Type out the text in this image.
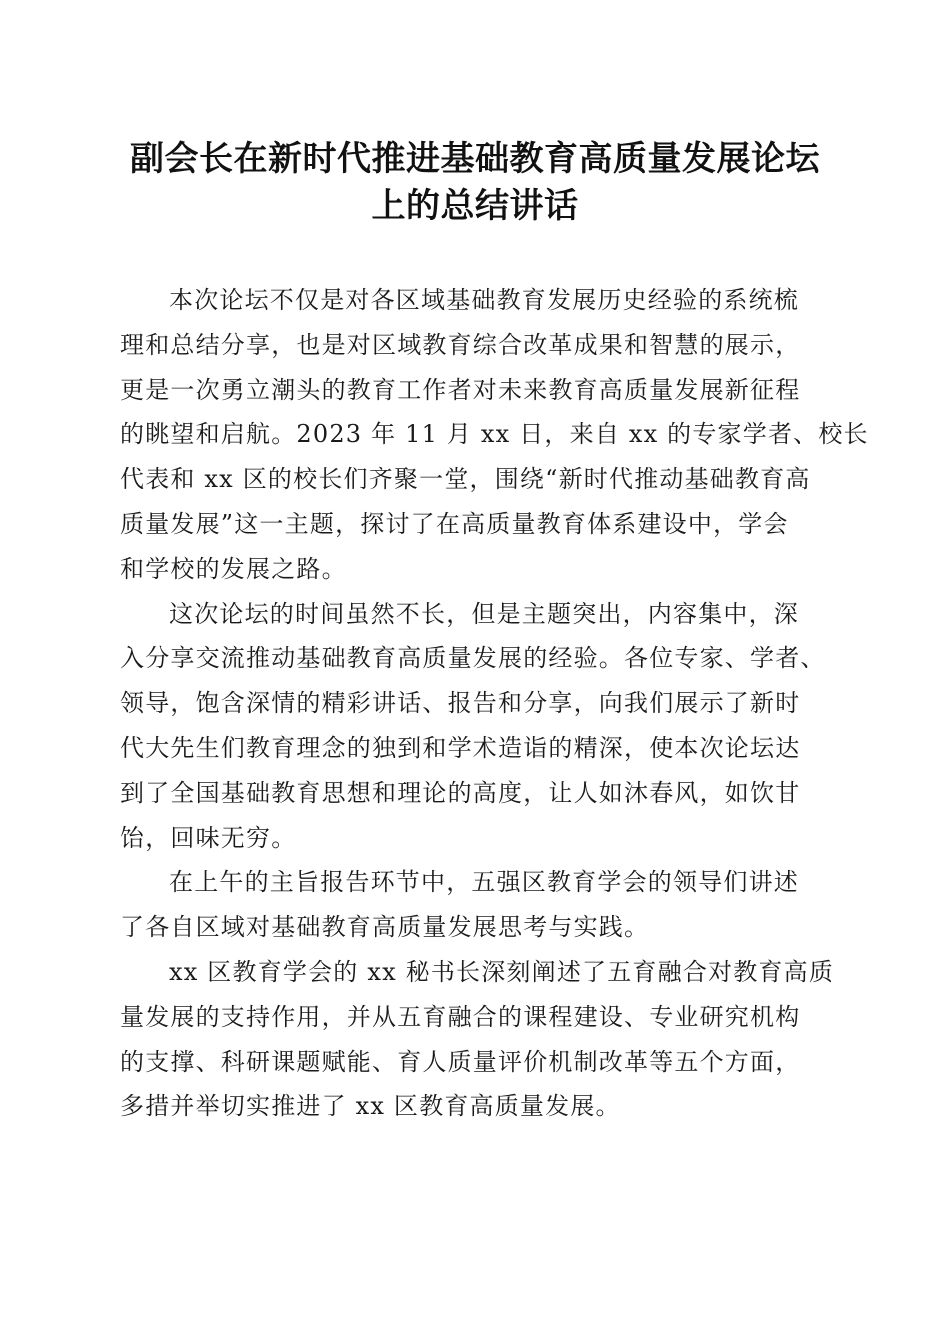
副会长在新时代推进基础教育高质量发展论坛
上的总结讲话
本次论坛不仅是对各区域基础教育发展历史经验的系统梳
理和总结分享，也是对区域教育综合改革成果和智慧的展示，
更是一次勇立潮头的教育工作者对未来教育高质量发展新征程
的眺望和启航。2023 年 11 月 xx 日，来自 xx 的专家学者、校长
代表和 xx 区的校长们齐聚一堂，围绕“新时代推动基础教育高
质量发展”这一主题，探讨了在高质量教育体系建设中，学会
和学校的发展之路。
这次论坛的时间虽然不长，但是主题突出，内容集中，深
入分享交流推动基础教育高质量发展的经验。各位专家、学者、
领导，饱含深情的精彩讲话、报告和分享，向我们展示了新时
代大先生们教育理念的独到和学术造诣的精深，使本次论坛达
到了全国基础教育思想和理论的高度，让人如沐春风，如饮甘
饴，回味无穷。
在上午的主旨报告环节中，五强区教育学会的领导们讲述
了各自区域对基础教育高质量发展思考与实践。
xx 区教育学会的 xx 秘书长深刻阐述了五育融合对教育高质
量发展的支持作用，并从五育融合的课程建设、专业研究机构
的支撑、科研课题赋能、育人质量评价机制改革等五个方面，
多措并举切实推进了 xx 区教育高质量发展。
